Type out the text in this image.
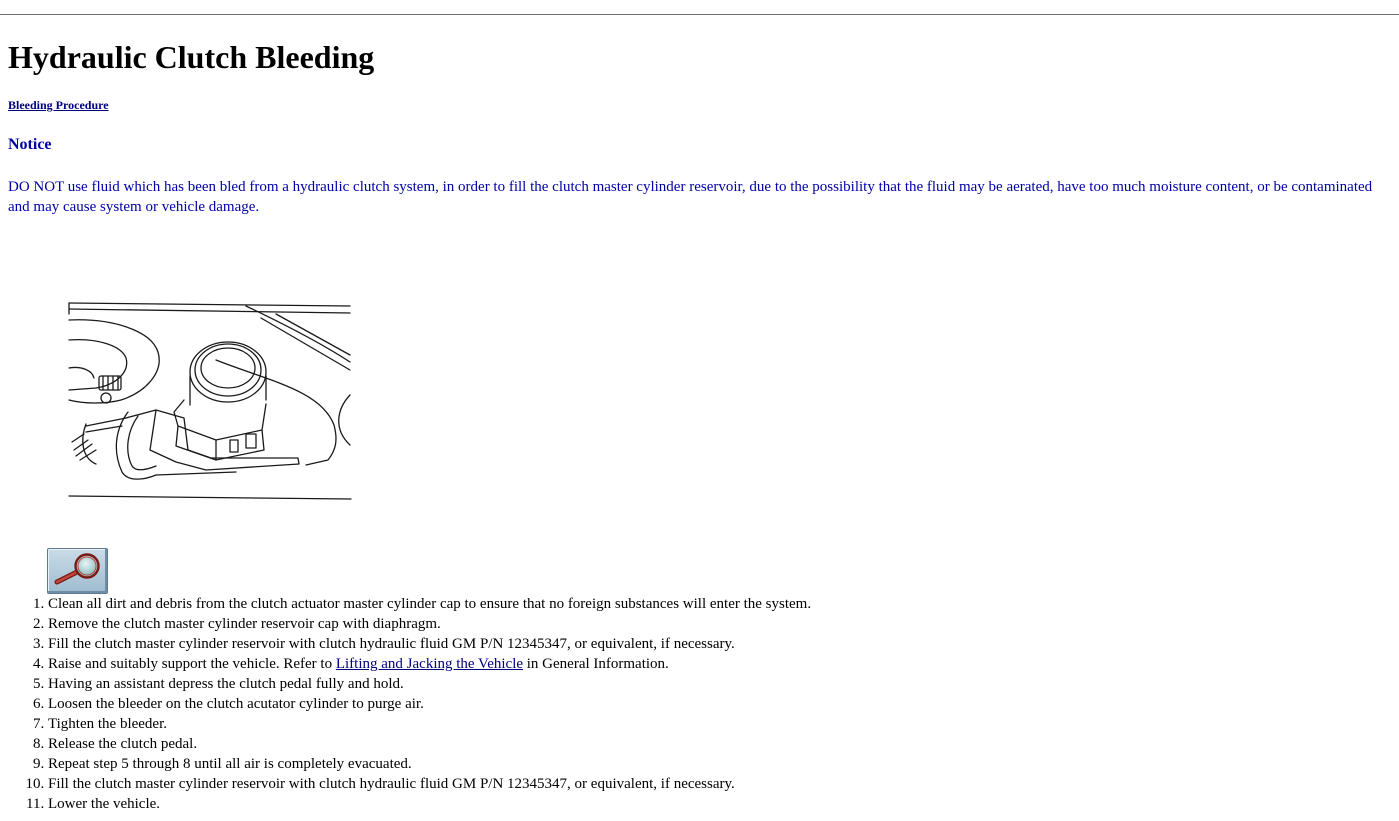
Hydraulic Clutch Bleeding
Bleeding Procedure
Notice

DO NOT use fluid which has been bled from a hydraulic clutch system, in order to fill the clutch master cylinder reservoir, due to the possibility that the fluid may be aerated, have too much moisture content, or be contaminated and may cause system or vehicle damage.

1. Clean all dirt and debris from the clutch actuator master cylinder cap to ensure that no foreign substances will enter the system.
2. Remove the clutch master cylinder reservoir cap with diaphragm.
3. Fill the clutch master cylinder reservoir with clutch hydraulic fluid GM P/N 12345347, or equivalent, if necessary.
4. Raise and suitably support the vehicle. Refer to Lifting and Jacking the Vehicle in General Information.
5. Having an assistant depress the clutch pedal fully and hold.
6. Loosen the bleeder on the clutch acutator cylinder to purge air.
7. Tighten the bleeder.
8. Release the clutch pedal.
9. Repeat step 5 through 8 until all air is completely evacuated.
10. Fill the clutch master cylinder reservoir with clutch hydraulic fluid GM P/N 12345347, or equivalent, if necessary.
11. Lower the vehicle.
